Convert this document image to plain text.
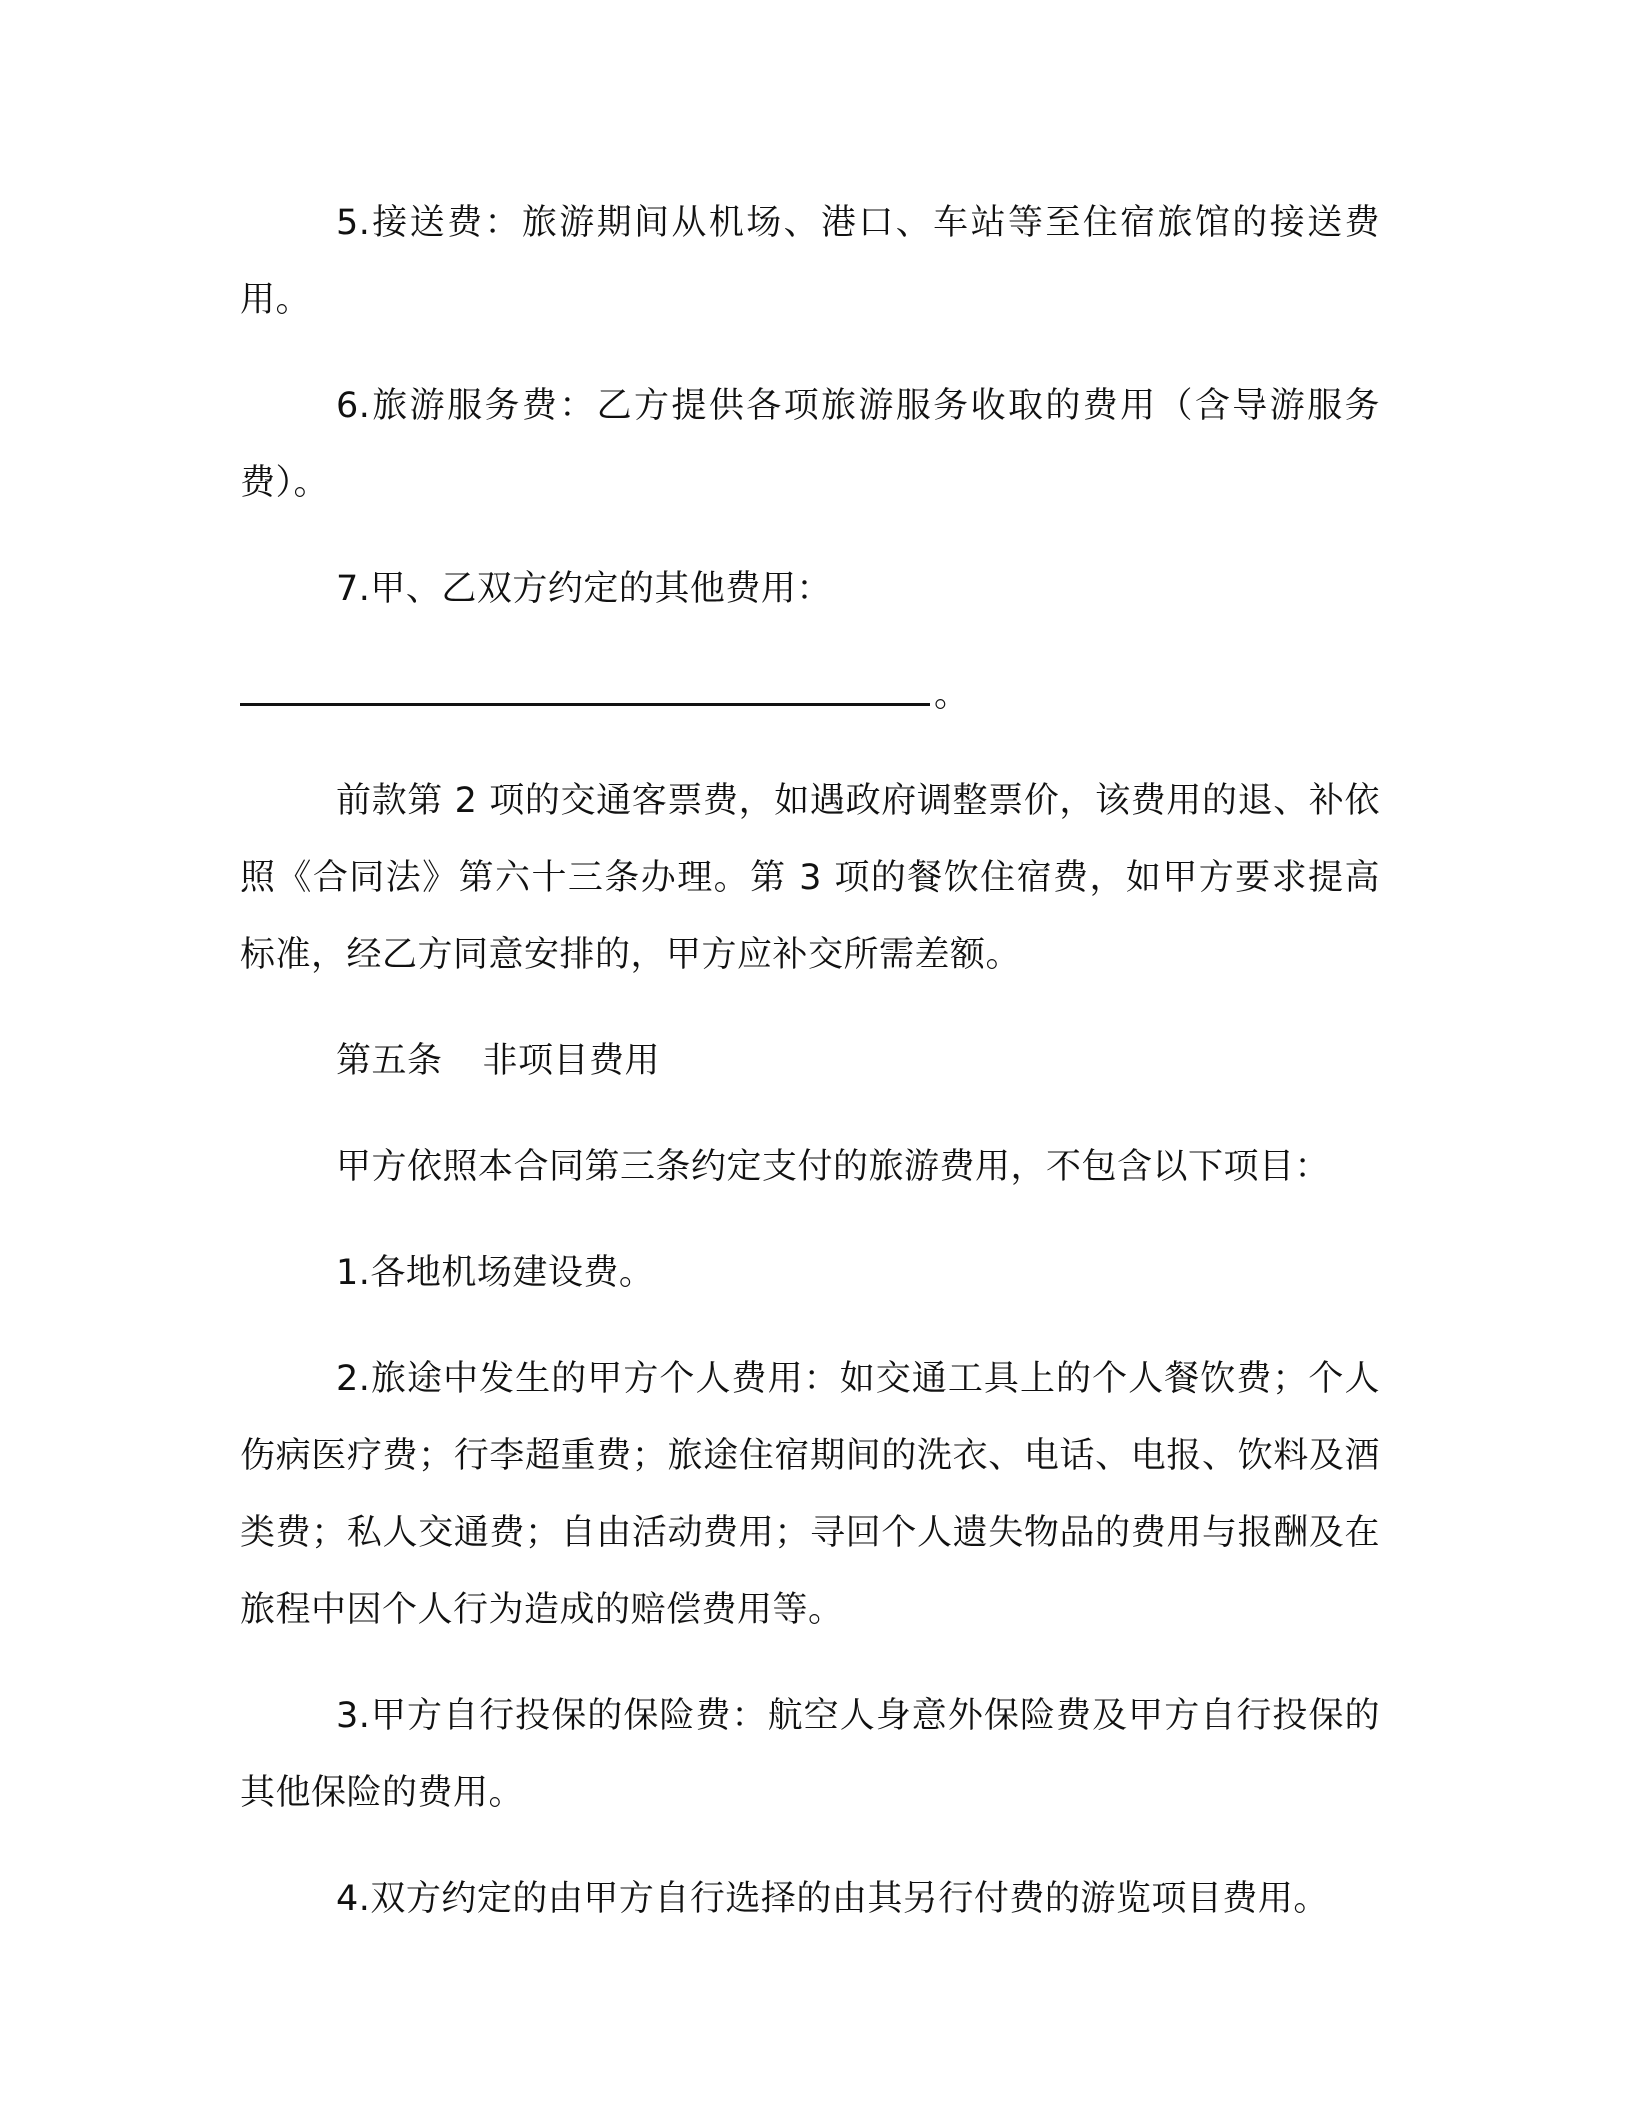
5.接送费：旅游期间从机场、港口、车站等至住宿旅馆的接送费用。

6.旅游服务费：乙方提供各项旅游服务收取的费用（含导游服务费）。

7.甲、乙双方约定的其他费用：

。

前款第 2 项的交通客票费，如遇政府调整票价，该费用的退、补依照《合同法》第六十三条办理。第 3 项的餐饮住宿费，如甲方要求提高标准，经乙方同意安排的，甲方应补交所需差额。

第五条 非项目费用

甲方依照本合同第三条约定支付的旅游费用，不包含以下项目：

1.各地机场建设费。

2.旅途中发生的甲方个人费用：如交通工具上的个人餐饮费；个人伤病医疗费；行李超重费；旅途住宿期间的洗衣、电话、电报、饮料及酒类费；私人交通费；自由活动费用；寻回个人遗失物品的费用与报酬及在旅程中因个人行为造成的赔偿费用等。

3.甲方自行投保的保险费：航空人身意外保险费及甲方自行投保的其他保险的费用。

4.双方约定的由甲方自行选择的由其另行付费的游览项目费用。
